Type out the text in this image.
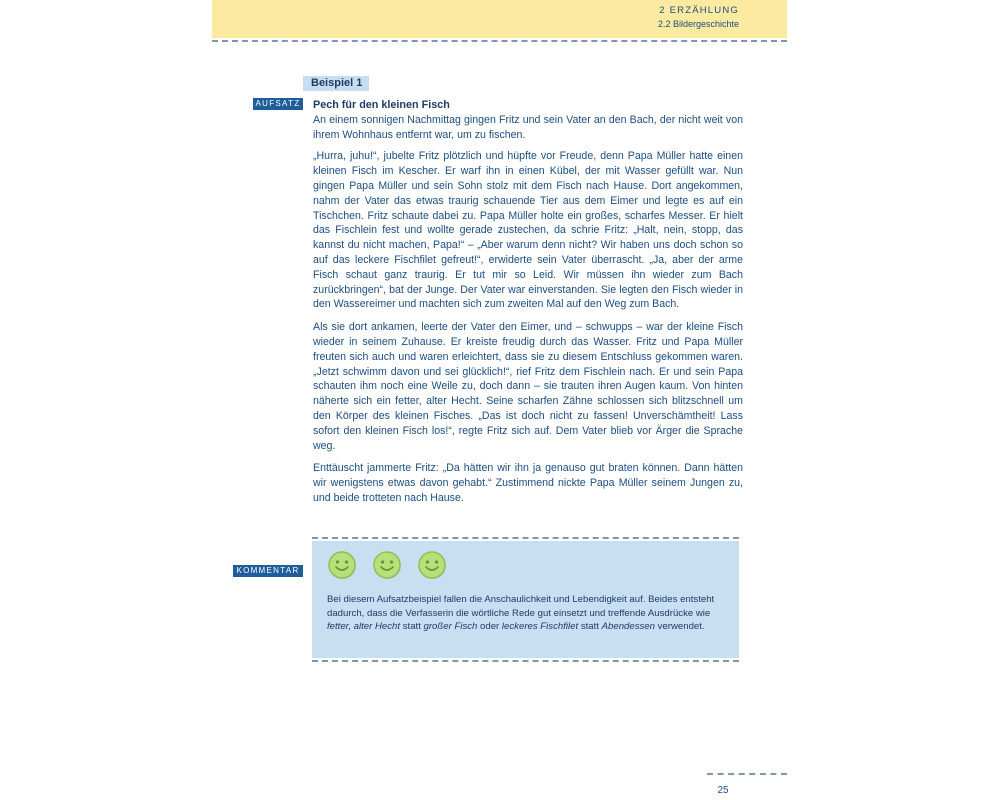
2 ERZÄHLUNG
2.2 Bildergeschichte
Beispiel 1
AUFSATZ Pech für den kleinen Fisch

An einem sonnigen Nachmittag gingen Fritz und sein Vater an den Bach, der nicht weit von ihrem Wohnhaus entfernt war, um zu fischen.

„Hurra, juhu!“, jubelte Fritz plötzlich und hüpfte vor Freude, denn Papa Müller hatte einen kleinen Fisch im Kescher. Er warf ihn in einen Kübel, der mit Wasser gefüllt war. Nun gingen Papa Müller und sein Sohn stolz mit dem Fisch nach Hause. Dort angekommen, nahm der Vater das etwas traurig schauende Tier aus dem Eimer und legte es auf ein Tischchen. Fritz schaute dabei zu. Papa Müller holte ein großes, scharfes Messer. Er hielt das Fischlein fest und wollte gerade zustechen, da schrie Fritz: „Halt, nein, stopp, das kannst du nicht machen, Papa!“ – „Aber warum denn nicht? Wir haben uns doch schon so auf das leckere Fischfilet gefreut!“, erwiderte sein Vater überrascht. „Ja, aber der arme Fisch schaut ganz traurig. Er tut mir so Leid. Wir müssen ihn wieder zum Bach zurückbringen“, bat der Junge. Der Vater war einverstanden. Sie legten den Fisch wieder in den Wassereimer und machten sich zum zweiten Mal auf den Weg zum Bach.

Als sie dort ankamen, leerte der Vater den Eimer, und – schwupps – war der kleine Fisch wieder in seinem Zuhause. Er kreiste freudig durch das Wasser. Fritz und Papa Müller freuten sich auch und waren erleichtert, dass sie zu diesem Entschluss gekommen waren. „Jetzt schwimm davon und sei glücklich!“, rief Fritz dem Fischlein nach. Er und sein Papa schauten ihm noch eine Weile zu, doch dann – sie trauten ihren Augen kaum. Von hinten näherte sich ein fetter, alter Hecht. Seine scharfen Zähne schlossen sich blitzschnell um den Körper des kleinen Fisches. „Das ist doch nicht zu fassen! Unverschämtheit! Lass sofort den kleinen Fisch los!“, regte Fritz sich auf. Dem Vater blieb vor Ärger die Sprache weg.

Enttäuscht jammerte Fritz: „Da hätten wir ihn ja genauso gut braten können. Dann hätten wir wenigstens etwas davon gehabt.“ Zustimmend nickte Papa Müller seinem Jungen zu, und beide trotteten nach Hause.

KOMMENTAR
Bei diesem Aufsatzbeispiel fallen die Anschaulichkeit und Lebendigkeit auf. Beides entsteht dadurch, dass die Verfasserin die wörtliche Rede gut einsetzt und treffende Ausdrücke wie fetter, alter Hecht statt großer Fisch oder leckeres Fischfilet statt Abendessen verwendet.
25
